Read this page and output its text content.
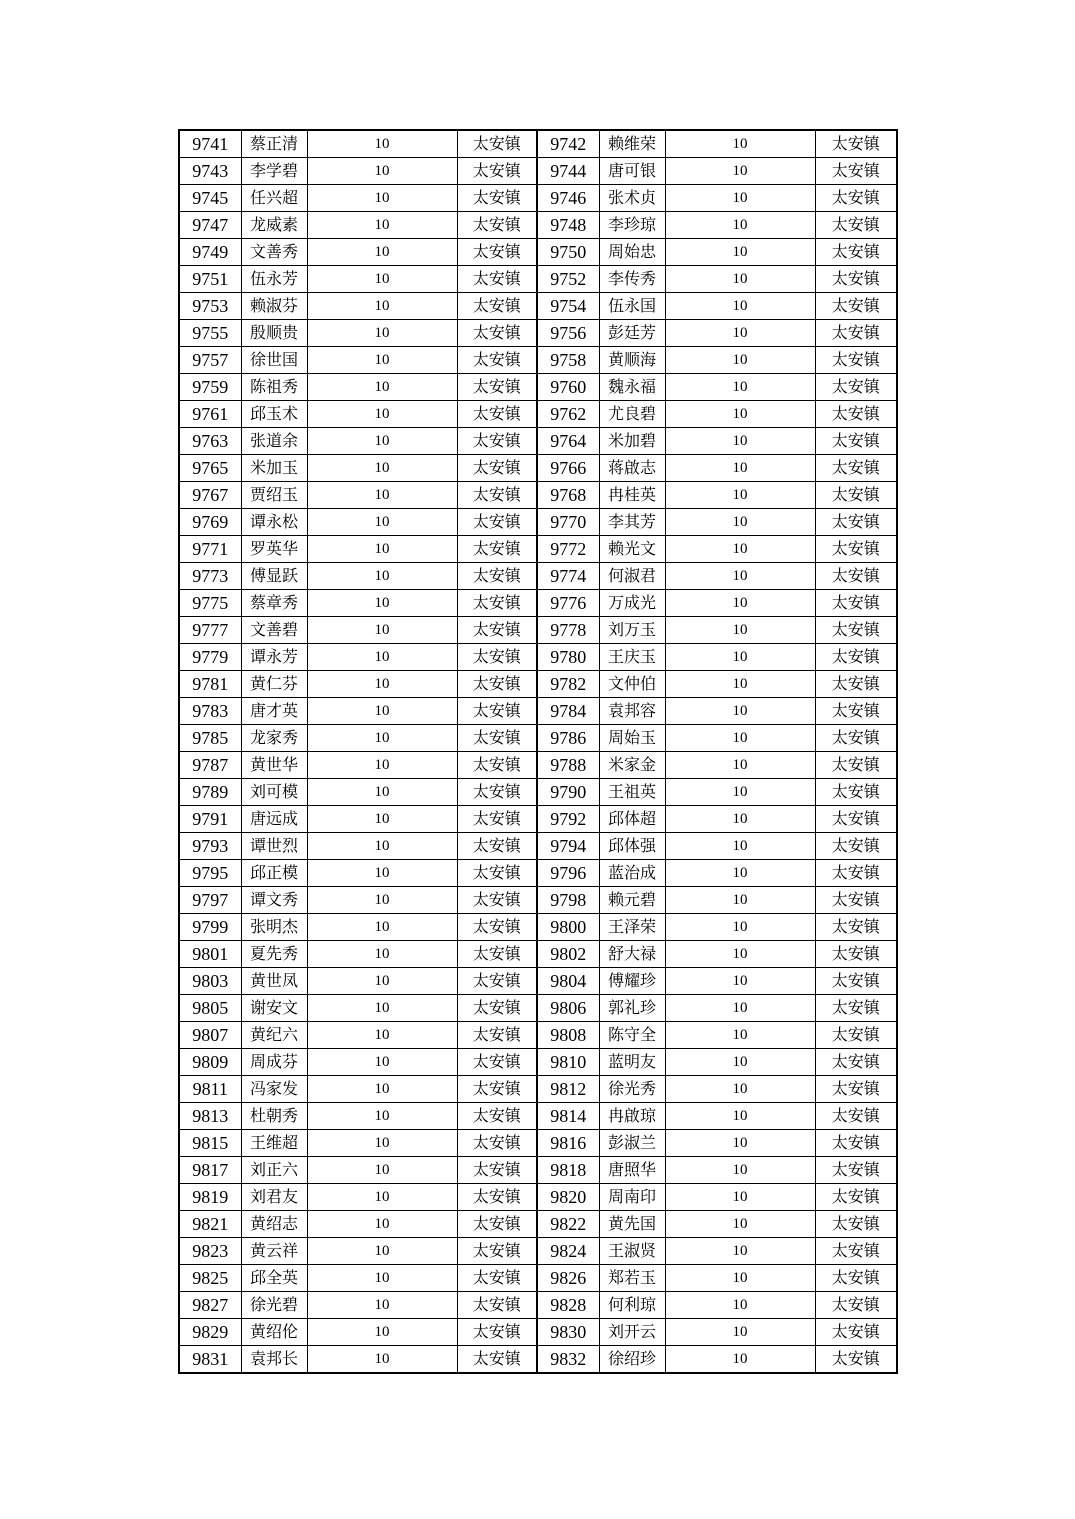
9741	蔡正清	10	太安镇	9742	赖维荣	10	太安镇
9743	李学碧	10	太安镇	9744	唐可银	10	太安镇
9745	任兴超	10	太安镇	9746	张术贞	10	太安镇
9747	龙威素	10	太安镇	9748	李珍琼	10	太安镇
9749	文善秀	10	太安镇	9750	周始忠	10	太安镇
9751	伍永芳	10	太安镇	9752	李传秀	10	太安镇
9753	赖淑芬	10	太安镇	9754	伍永国	10	太安镇
9755	殷顺贵	10	太安镇	9756	彭廷芳	10	太安镇
9757	徐世国	10	太安镇	9758	黄顺海	10	太安镇
9759	陈祖秀	10	太安镇	9760	魏永福	10	太安镇
9761	邱玉术	10	太安镇	9762	尤良碧	10	太安镇
9763	张道余	10	太安镇	9764	米加碧	10	太安镇
9765	米加玉	10	太安镇	9766	蒋啟志	10	太安镇
9767	贾绍玉	10	太安镇	9768	冉桂英	10	太安镇
9769	谭永松	10	太安镇	9770	李其芳	10	太安镇
9771	罗英华	10	太安镇	9772	赖光文	10	太安镇
9773	傅显跃	10	太安镇	9774	何淑君	10	太安镇
9775	蔡章秀	10	太安镇	9776	万成光	10	太安镇
9777	文善碧	10	太安镇	9778	刘万玉	10	太安镇
9779	谭永芳	10	太安镇	9780	王庆玉	10	太安镇
9781	黄仁芬	10	太安镇	9782	文仲伯	10	太安镇
9783	唐才英	10	太安镇	9784	袁邦容	10	太安镇
9785	龙家秀	10	太安镇	9786	周始玉	10	太安镇
9787	黄世华	10	太安镇	9788	米家金	10	太安镇
9789	刘可模	10	太安镇	9790	王祖英	10	太安镇
9791	唐远成	10	太安镇	9792	邱体超	10	太安镇
9793	谭世烈	10	太安镇	9794	邱体强	10	太安镇
9795	邱正模	10	太安镇	9796	蓝治成	10	太安镇
9797	谭文秀	10	太安镇	9798	赖元碧	10	太安镇
9799	张明杰	10	太安镇	9800	王泽荣	10	太安镇
9801	夏先秀	10	太安镇	9802	舒大禄	10	太安镇
9803	黄世凤	10	太安镇	9804	傅耀珍	10	太安镇
9805	谢安文	10	太安镇	9806	郭礼珍	10	太安镇
9807	黄纪六	10	太安镇	9808	陈守全	10	太安镇
9809	周成芬	10	太安镇	9810	蓝明友	10	太安镇
9811	冯家发	10	太安镇	9812	徐光秀	10	太安镇
9813	杜朝秀	10	太安镇	9814	冉啟琼	10	太安镇
9815	王维超	10	太安镇	9816	彭淑兰	10	太安镇
9817	刘正六	10	太安镇	9818	唐照华	10	太安镇
9819	刘君友	10	太安镇	9820	周南印	10	太安镇
9821	黄绍志	10	太安镇	9822	黄先国	10	太安镇
9823	黄云祥	10	太安镇	9824	王淑贤	10	太安镇
9825	邱全英	10	太安镇	9826	郑若玉	10	太安镇
9827	徐光碧	10	太安镇	9828	何利琼	10	太安镇
9829	黄绍伦	10	太安镇	9830	刘开云	10	太安镇
9831	袁邦长	10	太安镇	9832	徐绍珍	10	太安镇
